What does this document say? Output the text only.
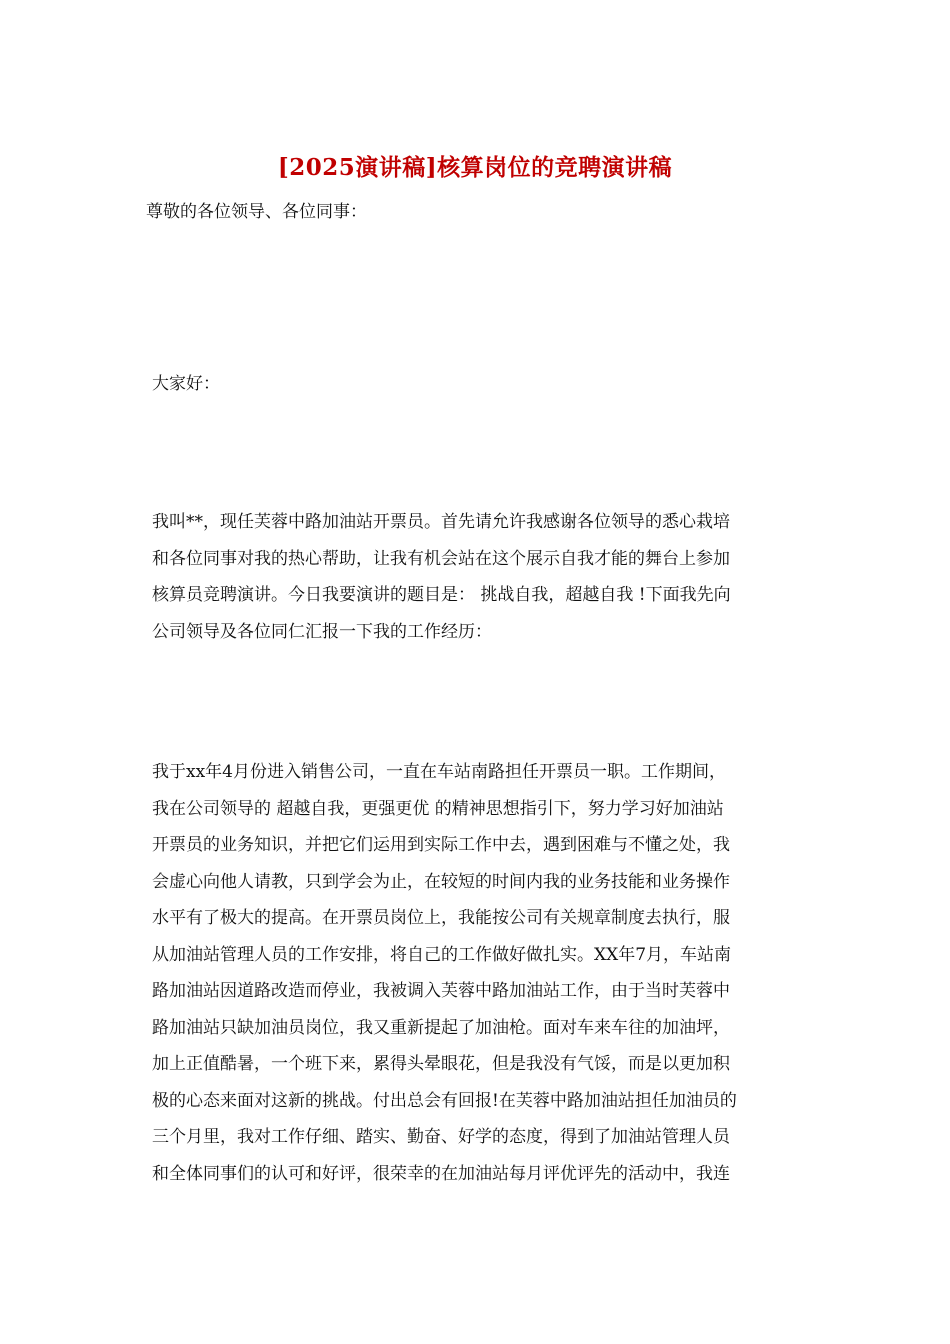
[2025演讲稿]核算岗位的竞聘演讲稿
尊敬的各位领导、各位同事：
大家好：
我叫**，现任芙蓉中路加油站开票员。首先请允许我感谢各位领导的悉心栽培
和各位同事对我的热心帮助，让我有机会站在这个展示自我才能的舞台上参加
核算员竞聘演讲。今日我要演讲的题目是： 挑战自我，超越自我 !下面我先向
公司领导及各位同仁汇报一下我的工作经历：
我于xx年4月份进入销售公司，一直在车站南路担任开票员一职。工作期间，
我在公司领导的 超越自我，更强更优 的精神思想指引下，努力学习好加油站
开票员的业务知识，并把它们运用到实际工作中去，遇到困难与不懂之处，我
会虚心向他人请教，只到学会为止，在较短的时间内我的业务技能和业务操作
水平有了极大的提高。在开票员岗位上，我能按公司有关规章制度去执行，服
从加油站管理人员的工作安排，将自己的工作做好做扎实。XX年7月，车站南
路加油站因道路改造而停业，我被调入芙蓉中路加油站工作，由于当时芙蓉中
路加油站只缺加油员岗位，我又重新提起了加油枪。面对车来车往的加油坪，
加上正值酷暑，一个班下来，累得头晕眼花，但是我没有气馁，而是以更加积
极的心态来面对这新的挑战。付出总会有回报!在芙蓉中路加油站担任加油员的
三个月里，我对工作仔细、踏实、勤奋、好学的态度，得到了加油站管理人员
和全体同事们的认可和好评，很荣幸的在加油站每月评优评先的活动中，我连
